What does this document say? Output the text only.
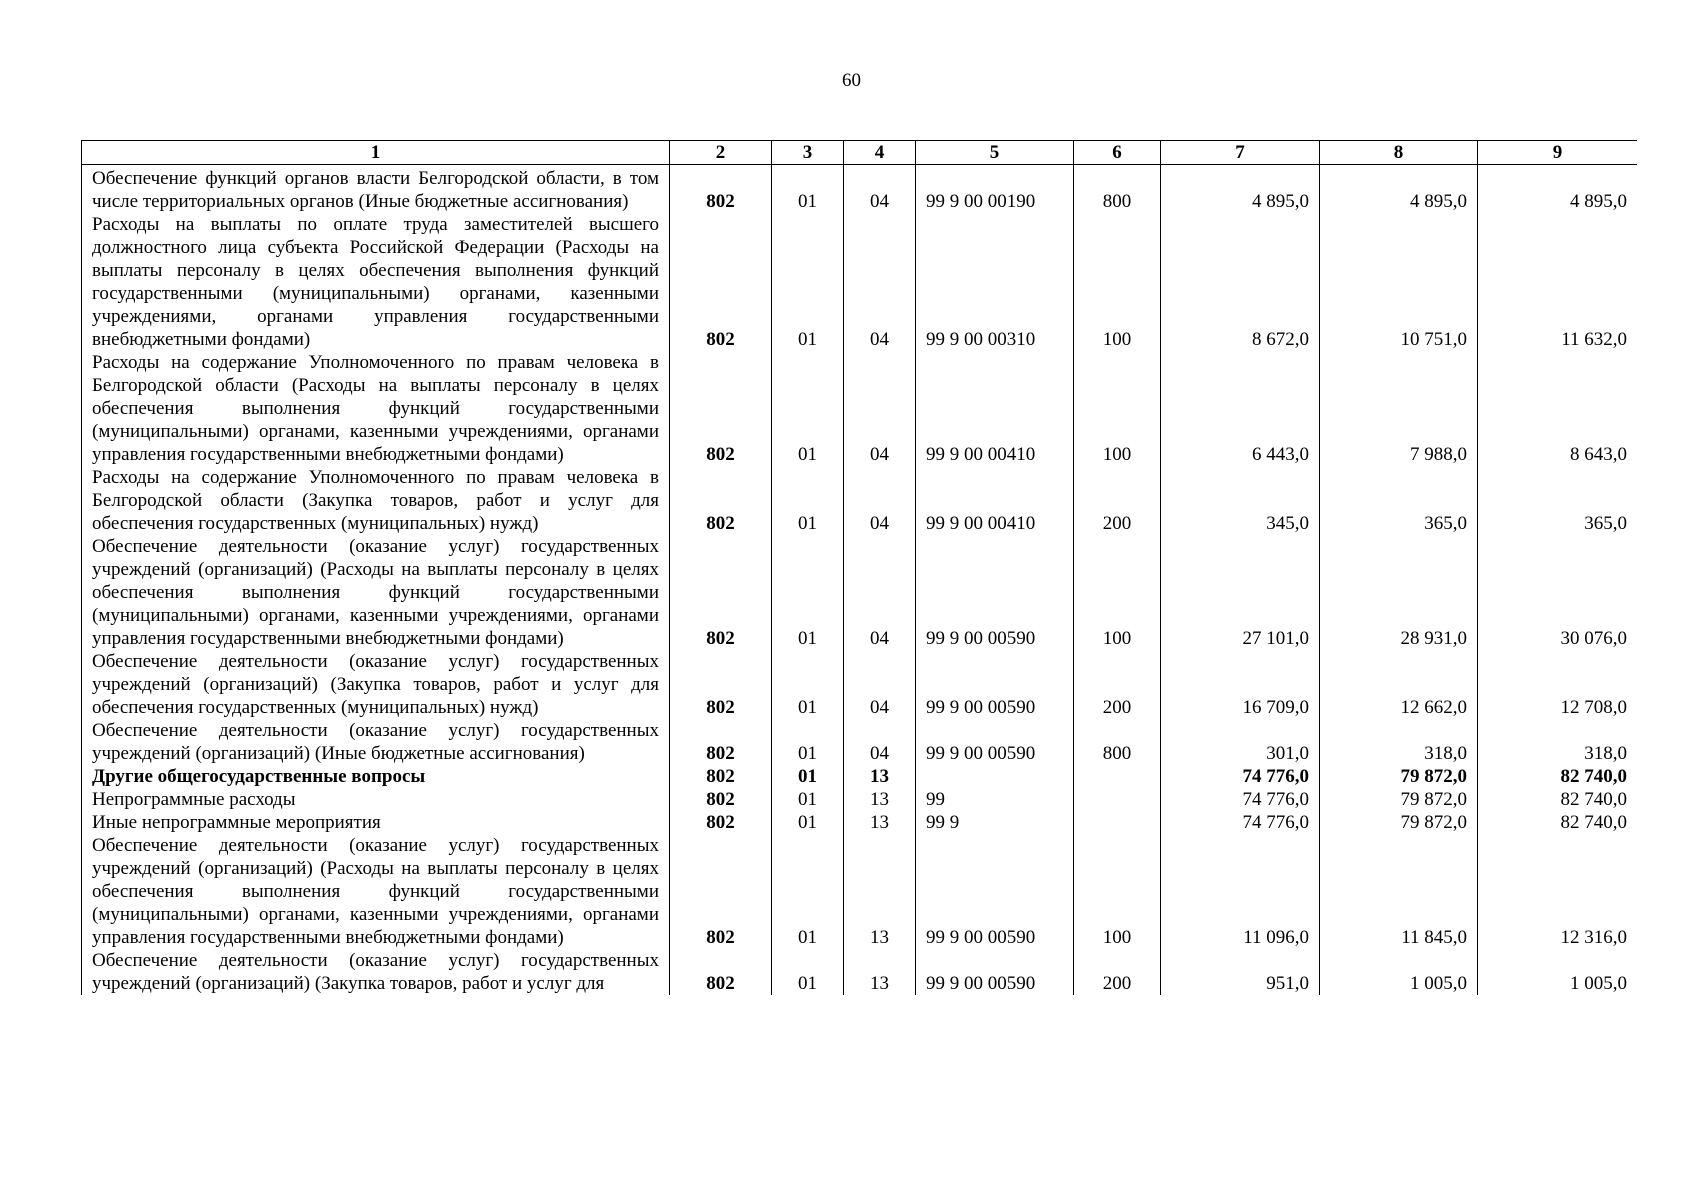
60
1	2	3	4	5	6	7	8	9
Обеспечение функций органов власти Белгородской области, в том числе территориальных органов (Иные бюджетные ассигнования)	802	01	04	99 9 00 00190	800	4 895,0	4 895,0	4 895,0
Расходы на выплаты по оплате труда заместителей высшего должностного лица субъекта Российской Федерации (Расходы на выплаты персоналу в целях обеспечения выполнения функций государственными (муниципальными) органами, казенными учреждениями, органами управления государственными внебюджетными фондами)	802	01	04	99 9 00 00310	100	8 672,0	10 751,0	11 632,0
Расходы на содержание Уполномоченного по правам человека в Белгородской области (Расходы на выплаты персоналу в целях обеспечения выполнения функций государственными (муниципальными) органами, казенными учреждениями, органами управления государственными внебюджетными фондами)	802	01	04	99 9 00 00410	100	6 443,0	7 988,0	8 643,0
Расходы на содержание Уполномоченного по правам человека в Белгородской области (Закупка товаров, работ и услуг для обеспечения государственных (муниципальных) нужд)	802	01	04	99 9 00 00410	200	345,0	365,0	365,0
Обеспечение деятельности (оказание услуг) государственных учреждений (организаций) (Расходы на выплаты персоналу в целях обеспечения выполнения функций государственными (муниципальными) органами, казенными учреждениями, органами управления государственными внебюджетными фондами)	802	01	04	99 9 00 00590	100	27 101,0	28 931,0	30 076,0
Обеспечение деятельности (оказание услуг) государственных учреждений (организаций) (Закупка товаров, работ и услуг для обеспечения государственных (муниципальных) нужд)	802	01	04	99 9 00 00590	200	16 709,0	12 662,0	12 708,0
Обеспечение деятельности (оказание услуг) государственных учреждений (организаций) (Иные бюджетные ассигнования)	802	01	04	99 9 00 00590	800	301,0	318,0	318,0
Другие общегосударственные вопросы	802	01	13			74 776,0	79 872,0	82 740,0
Непрограммные расходы	802	01	13	99		74 776,0	79 872,0	82 740,0
Иные непрограммные мероприятия	802	01	13	99 9		74 776,0	79 872,0	82 740,0
Обеспечение деятельности (оказание услуг) государственных учреждений (организаций) (Расходы на выплаты персоналу в целях обеспечения выполнения функций государственными (муниципальными) органами, казенными учреждениями, органами управления государственными внебюджетными фондами)	802	01	13	99 9 00 00590	100	11 096,0	11 845,0	12 316,0
Обеспечение деятельности (оказание услуг) государственных учреждений (организаций) (Закупка товаров, работ и услуг для	802	01	13	99 9 00 00590	200	951,0	1 005,0	1 005,0
